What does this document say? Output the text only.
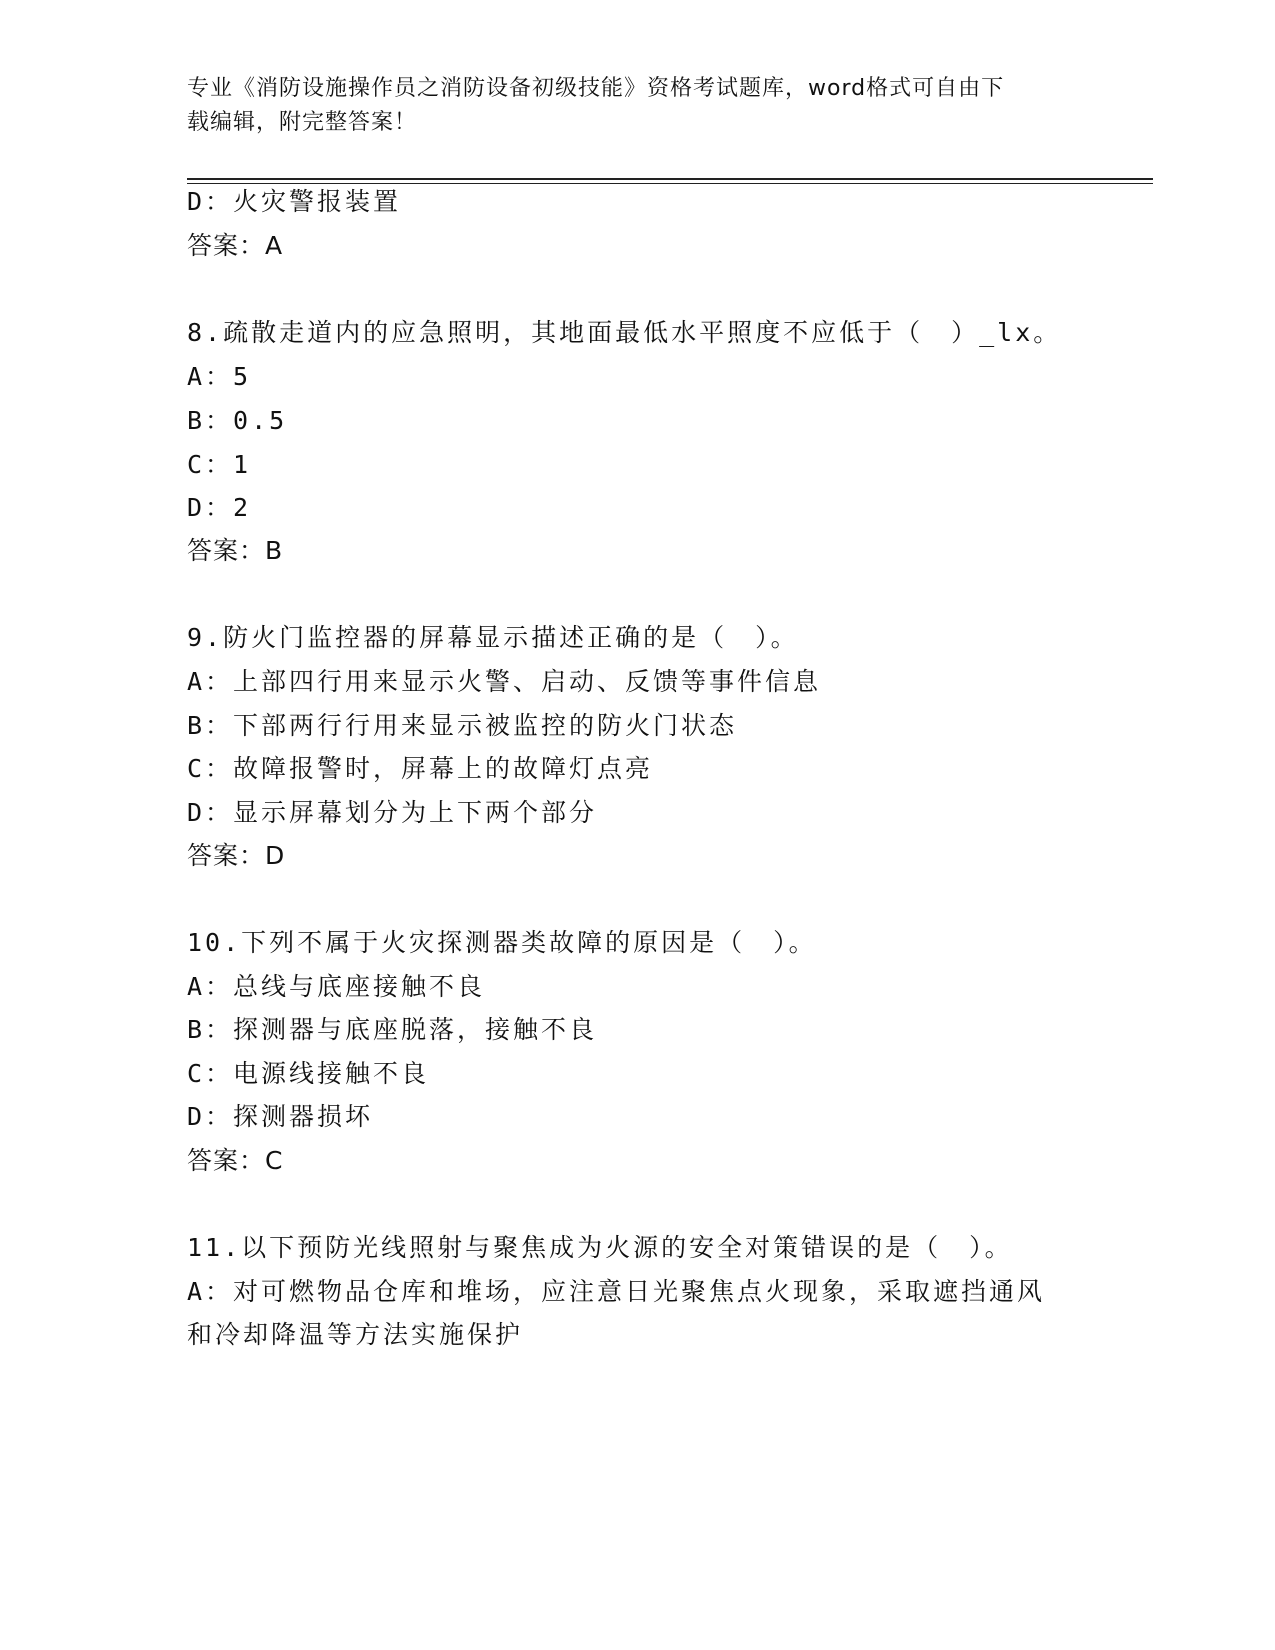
专业《消防设施操作员之消防设备初级技能》资格考试题库，word格式可自由下
载编辑，附完整答案！
D：火灾警报装置
答案：A
8.疏散走道内的应急照明，其地面最低水平照度不应低于（　）_lx。
A：5
B：0.5
C：1
D：2
答案：B
9.防火门监控器的屏幕显示描述正确的是（　）。
A：上部四行用来显示火警、启动、反馈等事件信息
B：下部两行行用来显示被监控的防火门状态
C：故障报警时，屏幕上的故障灯点亮
D：显示屏幕划分为上下两个部分
答案：D
10.下列不属于火灾探测器类故障的原因是（　）。
A：总线与底座接触不良
B：探测器与底座脱落，接触不良
C：电源线接触不良
D：探测器损坏
答案：C
11.以下预防光线照射与聚焦成为火源的安全对策错误的是（　）。
A：对可燃物品仓库和堆场，应注意日光聚焦点火现象，采取遮挡通风
和冷却降温等方法实施保护
